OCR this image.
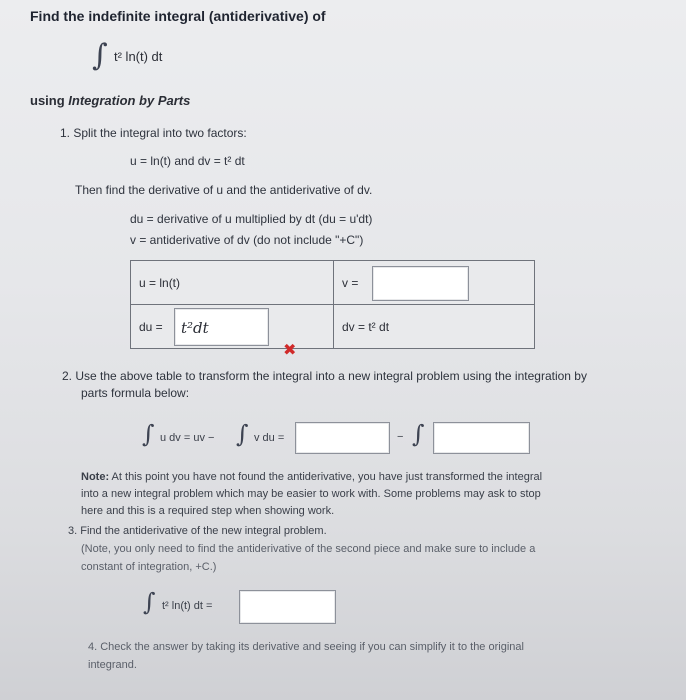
Find the indefinite integral (antiderivative) of
∫ t² ln(t) dt
using Integration by Parts
1. Split the integral into two factors:
u = ln(t) and dv = t² dt
Then find the derivative of u and the antiderivative of dv.
du = derivative of u multiplied by dt (du = u'dt)
v = antiderivative of dv (do not include "+C")
u = ln(t)	v =

du = t²dt	dv = t² dt
✖
2. Use the above table to transform the integral into a new integral problem using the integration by
parts formula below:
∫ u dv = uv − ∫ v du =	− ∫
Note: At this point you have not found the antiderivative, you have just transformed the integral
into a new integral problem which may be easier to work with. Some problems may ask to stop
here and this is a required step when showing work.
3. Find the antiderivative of the new integral problem.
(Note, you only need to find the antiderivative of the second piece and make sure to include a
constant of integration, +C.)
∫ t² ln(t) dt =
4. Check the answer by taking its derivative and seeing if you can simplify it to the original
integrand.
